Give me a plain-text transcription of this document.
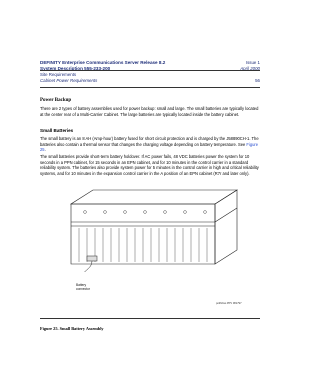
DEFINITY Enterprise Communications Server Release 8.2	Issue 1
System Description 555-233-200	April 2000
Site Requirements
Cabinet Power Requirements	56
Power Backup
There are 2 types of battery assemblies used for power backup: small and large. The small batteries are typically located at the center rear of a Multi-Carrier Cabinet. The large batteries are typically located inside the battery cabinet.
Small Batteries
The small battery is an 8 AH (Amp-hour) battery fused for short circuit protection and is charged by the J58890CH-1. The batteries also contain a thermal sensor that changes the charging voltage depending on battery temperature. See Figure 25.
The small batteries provide short-term battery holdover. If AC power fails, 48 VDC batteries power the system for 10 seconds in a PPN cabinet, for 15 seconds in an EPN cabinet, and for 10 minutes in the control carrier in a standard reliability system. The batteries also provide system power for 5 minutes in the control carrier in high and critical reliability systems, and for 10 minutes in the expansion control carrier in the A position of an EPN cabinet (R7r and later only).
Battery
connector
pcdfcbss PPV 081797
Figure 25. Small Battery Assembly
